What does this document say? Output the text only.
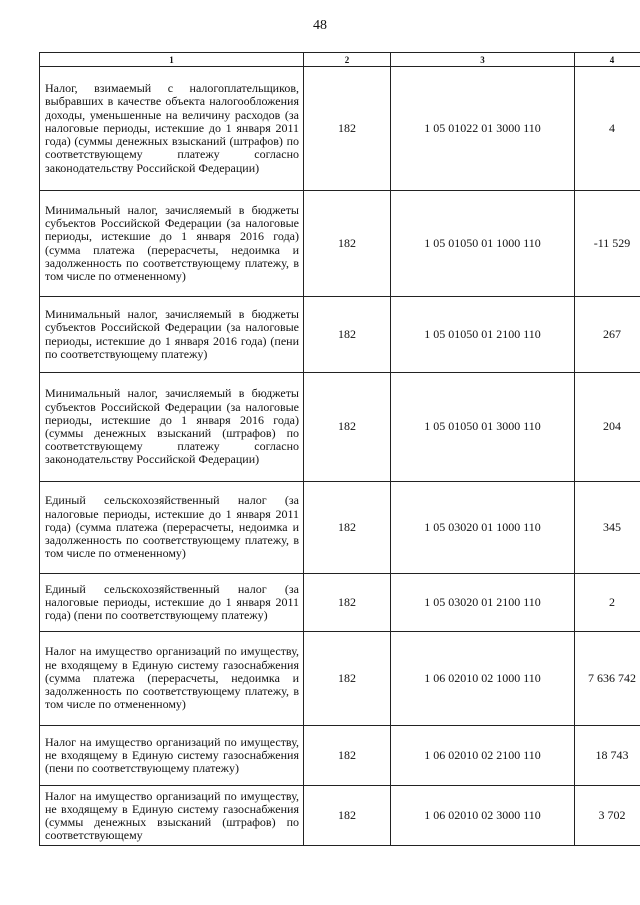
48
1	2	3	4
Налог, взимаемый с налогоплательщиков, выбравших в качестве объекта налогообложения доходы, уменьшенные на величину расходов (за налоговые периоды, истекшие до 1 января 2011 года) (суммы денежных взысканий (штрафов) по соответствующему платежу согласно законодательству Российской Федерации)	182	1 05 01022 01 3000 110	4
Минимальный налог, зачисляемый в бюджеты субъектов Российской Федерации (за налоговые периоды, истекшие до 1 января 2016 года) (сумма платежа (перерасчеты, недоимка и задолженность по соответствующему платежу, в том числе по отмененному)	182	1 05 01050 01 1000 110	-11 529
Минимальный налог, зачисляемый в бюджеты субъектов Российской Федерации (за налоговые периоды, истекшие до 1 января 2016 года) (пени по соответствующему платежу)	182	1 05 01050 01 2100 110	267
Минимальный налог, зачисляемый в бюджеты субъектов Российской Федерации (за налоговые периоды, истекшие до 1 января 2016 года) (суммы денежных взысканий (штрафов) по соответствующему платежу согласно законодательству Российской Федерации)	182	1 05 01050 01 3000 110	204
Единый сельскохозяйственный налог (за налоговые периоды, истекшие до 1 января 2011 года) (сумма платежа (перерасчеты, недоимка и задолженность по соответствующему платежу, в том числе по отмененному)	182	1 05 03020 01 1000 110	345
Единый сельскохозяйственный налог (за налоговые периоды, истекшие до 1 января 2011 года) (пени по соответствующему платежу)	182	1 05 03020 01 2100 110	2
Налог на имущество организаций по имуществу, не входящему в Единую систему газоснабжения (сумма платежа (перерасчеты, недоимка и задолженность по соответствующему платежу, в том числе по отмененному)	182	1 06 02010 02 1000 110	7 636 742
Налог на имущество организаций по имуществу, не входящему в Единую систему газоснабжения (пени по соответствующему платежу)	182	1 06 02010 02 2100 110	18 743
Налог на имущество организаций по имуществу, не входящему в Единую систему газоснабжения (суммы денежных взысканий (штрафов) по соответствующему	182	1 06 02010 02 3000 110	3 702
